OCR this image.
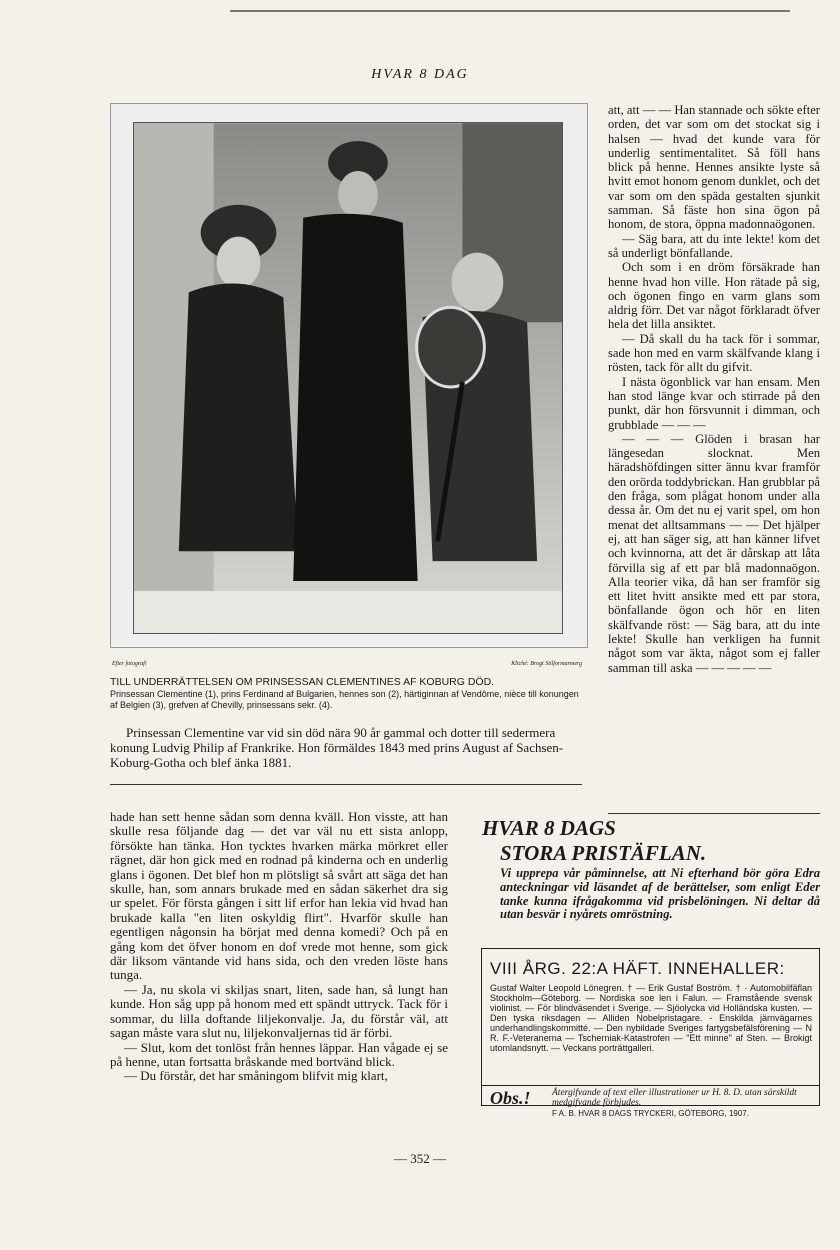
HVAR 8 DAG
Efter fotografi	Kliché: Brogt Stilformarmerg
TILL UNDERRÄTTELSEN OM PRINSESSAN CLEMENTINES AF KOBURG DÖD.
Prinsessan Clementine (1), prins Ferdinand af Bulgarien, hennes son (2), härtiginnan af Vendôme, nièce till konungen af Belgien (3), grefven af Chevilly, prinsessans sekr. (4).
Prinsessan Clementine var vid sin död nära 90 år gammal och dotter till sedermera konung Ludvig Philip af Frankrike. Hon förmäldes 1843 med prins August af Sachsen-Koburg-Gotha och blef änka 1881.

att, att — — Han stannade och sökte efter orden, det var som om det stockat sig i halsen — hvad det kunde vara för underlig sentimentalitet. Så föll hans blick på henne. Hennes ansikte lyste så hvitt emot honom genom dunklet, och det var som om den späda gestalten sjunkit samman. Så fäste hon sina ögon på honom, de stora, öppna madonnaögonen.

— Säg bara, att du inte lekte! kom det så underligt bönfallande.

Och som i en dröm försäkrade han henne hvad hon ville. Hon rätade på sig, och ögonen fingo en varm glans som aldrig förr. Det var något förklaradt öfver hela det lilla ansiktet.

— Då skall du ha tack för i sommar, sade hon med en varm skälfvande klang i rösten, tack för allt du gifvit.

I nästa ögonblick var han ensam. Men han stod länge kvar och stirrade på den punkt, där hon försvunnit i dimman, och grubblade — — —

— — — Glöden i brasan har längesedan slocknat. Men häradshöfdingen sitter ännu kvar framför den orörda toddybrickan. Han grubblar på den fråga, som plågat honom under alla dessa år. Om det nu ej varit spel, om hon menat det alltsammans — — Det hjälper ej, att han säger sig, att han känner lifvet och kvinnorna, att det är dårskap att låta förvilla sig af ett par blå madonnaögon. Alla teorier vika, då han ser framför sig ett litet hvitt ansikte med ett par stora, bönfallande ögon och hör en liten skälfvande röst: — Säg bara, att du inte lekte! Skulle han verkligen ha funnit något som var äkta, något som ej faller samman till aska — — — — —

hade han sett henne sådan som denna kväll. Hon visste, att han skulle resa följande dag — det var väl nu ett sista anlopp, försökte han tänka. Hon tycktes hvarken märka mörkret eller rägnet, där hon gick med en rodnad på kinderna och en underlig glans i ögonen. Det blef hon m plötsligt så svårt att säga det han skulle, han, som annars brukade med en sådan säkerhet dra sig ur spelet. För första gången i sitt lif erfor han lekia vid hvad han brukade kalla "en liten oskyldig flirt". Hvarför skulle han egentligen någonsin ha börjat med denna komedi? Och på en gång kom det öfver honom en dof vrede mot henne, som gick där liksom väntande vid hans sida, och den vreden löste hans tunga.

— Ja, nu skola vi skiljas snart, liten, sade han, så lungt han kunde. Hon såg upp på honom med ett spändt uttryck. Tack för i sommar, du lilla doftande liljekonvalje. Ja, du förstår väl, att sagan måste vara slut nu, liljekonvaljernas tid är förbi.

— Slut, kom det tonlöst från hennes läppar. Han vågade ej se på henne, utan fortsatta bråskande med bortvänd blick.

— Du förstår, det har småningom blifvit mig klart,

HVAR 8 DAGS
STORA PRISTÄFLAN.
Vi upprepa vår påminnelse, att Ni efterhand bör göra Edra anteckningar vid läsandet af de berättelser, som enligt Eder tanke kunna ifrågakomma vid prisbelöningen. Ni deltar då utan besvär i nyårets omröstning.
VIII ÅRG. 22:A HÄFT. INNEHALLER:
Gustaf Walter Leopold Lönegren. † — Erik Gustaf Boström. † · Automobilfäflan Stockholm—Göteborg. — Nordiska soe len i Falun. — Framstående svensk violinist. — För blindväsendet i Sverige. — Sjöolycka vid Holländska kusten. — Den tyska riksdagen — Alliden Nobelpristagare. - Enskilda järnvägarnes underhandlingskommitté. — Den nybildade Sveriges fartygsbefälsförening — N R. F.-Veteranerna — Tscherniak-Katastrofen — "Ett minne" af Sten. — Brokigt utomlandsnytt. — Veckans porträttgalleri.
Obs.! Återgifvande af text eller illustrationer ur H. 8. D. utan särskildt medgifvande förbjudes.
F A. B. HVAR 8 DAGS TRYCKERI, GÖTEBORG, 1907.
— 352 —
